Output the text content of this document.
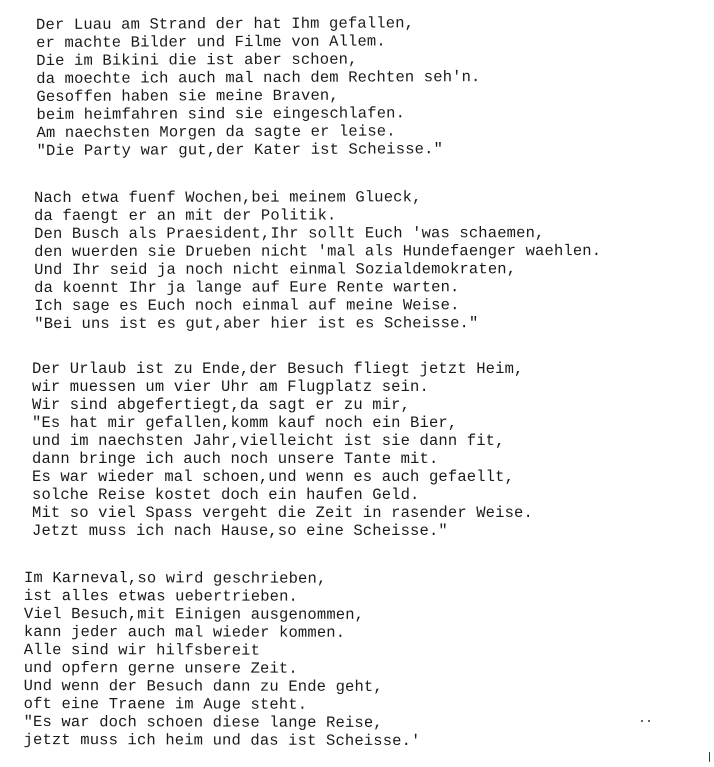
Der Luau am Strand der hat Ihm gefallen,
er machte Bilder und Filme von Allem.
Die im Bikini die ist aber schoen,
da moechte ich auch mal nach dem Rechten seh'n.
Gesoffen haben sie meine Braven,
beim heimfahren sind sie eingeschlafen.
Am naechsten Morgen da sagte er leise.
"Die Party war gut,der Kater ist Scheisse."
Nach etwa fuenf Wochen,bei meinem Glueck,
da faengt er an mit der Politik.
Den Busch als Praesident,Ihr sollt Euch 'was schaemen,
den wuerden sie Drueben nicht 'mal als Hundefaenger waehlen.
Und Ihr seid ja noch nicht einmal Sozialdemokraten,
da koennt Ihr ja lange auf Eure Rente warten.
Ich sage es Euch noch einmal auf meine Weise.
"Bei uns ist es gut,aber hier ist es Scheisse."
Der Urlaub ist zu Ende,der Besuch fliegt jetzt Heim,
wir muessen um vier Uhr am Flugplatz sein.
Wir sind abgefertiegt,da sagt er zu mir,
"Es hat mir gefallen,komm kauf noch ein Bier,
und im naechsten Jahr,vielleicht ist sie dann fit,
dann bringe ich auch noch unsere Tante mit.
Es war wieder mal schoen,und wenn es auch gefaellt,
solche Reise kostet doch ein haufen Geld.
Mit so viel Spass vergeht die Zeit in rasender Weise.
Jetzt muss ich nach Hause,so eine Scheisse."
Im Karneval,so wird geschrieben,
ist alles etwas uebertrieben.
Viel Besuch,mit Einigen ausgenommen,
kann jeder auch mal wieder kommen.
Alle sind wir hilfsbereit
und opfern gerne unsere Zeit.
Und wenn der Besuch dann zu Ende geht,
oft eine Traene im Auge steht.
"Es war doch schoen diese lange Reise,
jetzt muss ich heim und das ist Scheisse.'
